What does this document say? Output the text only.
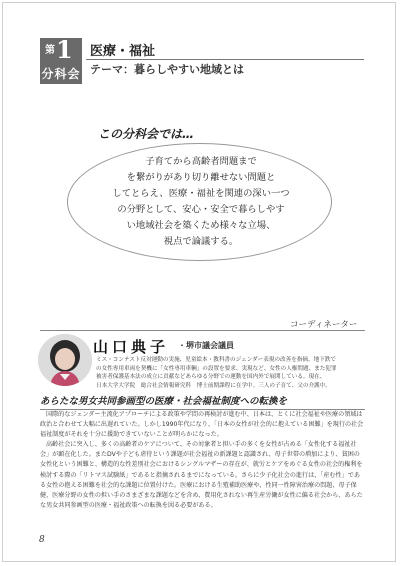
第 1
分科会
医療・福祉
テーマ：暮らしやすい地域とは
この分科会では…
子育てから高齢者問題まで
を繋がりがあり切り離せない問題と
してとらえ、医療・福祉を関連の深い一つ
の分野として、安心・安全で暮らしやす
い地域社会を築くため様々な立場、
視点で論議する。
コーディネーター
山口典子 ・堺市議会議員
ミス・コンテスト反対運動の実施、児童絵本・教科書のジェンダー表現の改善を指摘、地下鉄で
の女性専用車両を契機に「女性専用車輌」の設置を要求、実現など、女性の人権問題、また犯罪
被害者保護基本法の成立に貢献などあらゆる分野での運動を国内外で展開している。現在、
日本大学大学院　総合社会情報研究科　博士前期課程に在学中。三人の子育て、父の介護中。
あらたな男女共同参画型の医療・社会福祉制度への転換を
国際的なジェンダー主流化アプローチによる政策や学問の再検討が進む中、日本は、とくに社会福祉や医療の領域は政治と合わせて大幅に出遅れていた。しかし1990年代になり、「日本の女性が社会的に抱えている困難」を現行の社会福祉制度がそれを十分に援助できていないことが明らかになった。
高齢社会に突入し、多くの高齢者のケアについて、その対象者と担い手の多くを女性が占める「女性化する福祉社会」が顕在化した。またDVや子ども虐待という課題が社会福祉の新課題と認識され、母子世帯の増加により、貧困の女性化という困難と、構造的な性差別社会におけるシングルマザーの存在が、就労とケアをめぐる女性の社会的権利を検討する際の「リトマス試験紙」であると指摘されるまでになっている。さらに少子化社会の進行は、「産む性」である女性の抱える困難を社会的な課題に位置付けた。医療における生殖補助医療や、性同一性障害治療の問題、母子保健、医療分野の女性の担い手のさまざまな課題などを含め、費用化されない再生産労働が女性に偏る社会から、あらたな男女共同参画型の医療・福祉政策への転換を図る必要がある。
8
